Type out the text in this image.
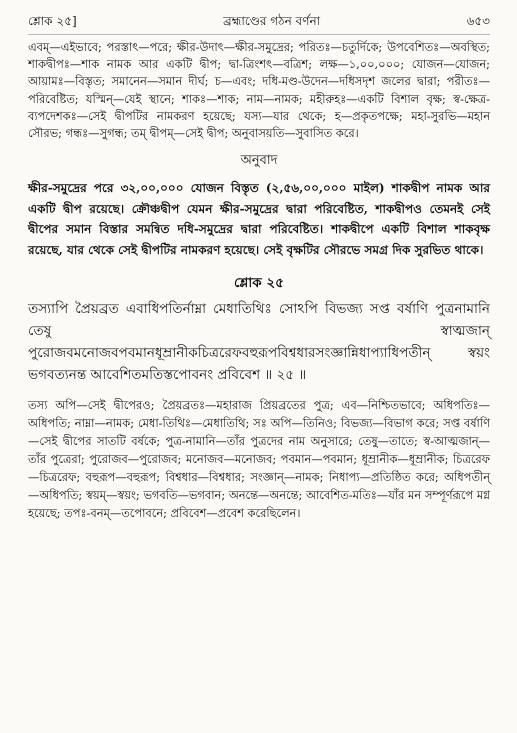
শ্লোক ২৫]	ব্রহ্মাণ্ডের গঠন বর্ণনা	৬৫৩

এবম্—এইভাবে; পরস্তাৎ—পরে; ক্ষীর-উদাৎ—ক্ষীর-সমুদ্রের; পরিতঃ—চতুর্দিকে; উপবেশিতঃ—অবস্থিত; শাকদ্বীপঃ—শাক নামক আর একটি দ্বীপ; দ্বা-ত্রিংশৎ—বত্রিশ; লক্ষ—১,০০,০০০; যোজন—যোজন; আয়ামঃ—বিস্তৃত; সমানেন—সমান দীর্ঘ; চ—এবং; দধি-মণ্ড-উদেন—দধিসদৃশ জলের দ্বারা; পরীতঃ—পরিবেষ্টিত; যস্মিন্—যেই স্থানে; শাকঃ—শাক; নাম—নামক; মহীরুহঃ—একটি বিশাল বৃক্ষ; স্ব-ক্ষেত্র-ব্যপদেশকঃ—সেই দ্বীপটির নামকরণ হয়েছে; যস্য—যার থেকে; হ—প্রকৃতপক্ষে; মহা-সুরভি—মহান সৌরভ; গন্ধঃ—সুগন্ধ; তম্ দ্বীপম্—সেই দ্বীপ; অনুবাসয়তি—সুবাসিত করে।

অনুবাদ

ক্ষীর-সমুদ্রের পরে ৩২,০০,০০০ যোজন বিস্তৃত (২,৫৬,০০,০০০ মাইল) শাকদ্বীপ নামক আর একটি দ্বীপ রয়েছে। ক্রৌঞ্চদ্বীপ যেমন ক্ষীর-সমুদ্রের দ্বারা পরিবেষ্টিত, শাকদ্বীপও তেমনই সেই দ্বীপের সমান বিস্তার সমন্বিত দধি-সমুদ্রের দ্বারা পরিবেষ্টিত। শাকদ্বীপে একটি বিশাল শাকবৃক্ষ রয়েছে, যার থেকে সেই দ্বীপটির নামকরণ হয়েছে। সেই বৃক্ষটির সৌরভে সমগ্র দিক সুরভিত থাকে।

শ্লোক ২৫

তস্যাপি প্রৈয়ব্রত এবাধিপতির্নাম্না মেধাতিথিঃ সোঽপি বিভজ্য সপ্ত বর্ষাণি পুত্রনামানি তেষু স্বাত্মজান্ পুরোজবমনোজবপবমানধূম্রানীকচিত্ররেফবহুরূপবিশ্বধারসংজ্ঞান্নিধাপ্যাধিপতীন্ স্বয়ং ভগবত্যনন্ত আবেশিতমতিস্তপোবনং প্রবিবেশ ॥ ২৫ ॥

তস্য অপি—সেই দ্বীপেরও; প্রৈয়ব্রতঃ—মহারাজ প্রিয়ব্রতের পুত্র; এব—নিশ্চিতভাবে; অধিপতিঃ—অধিপতি; নাম্না—নামক; মেধা-তিথিঃ—মেধাতিথি; সঃ অপি—তিনিও; বিভজ্য—বিভাগ করে; সপ্ত বর্ষাণি—সেই দ্বীপের সাতটি বর্ষকে; পুত্র-নামানি—তাঁর পুত্রদের নাম অনুসারে; তেষু—তাতে; স্ব-আত্মজান্—তাঁর পুত্রেরা; পুরোজব—পুরোজব; মনোজব—মনোজব; পবমান—পবমান; ধূম্রানীক—ধূম্রানীক; চিত্ররেফ—চিত্ররেফ; বহুরূপ—বহুরূপ; বিশ্বধার—বিশ্বধার; সংজ্ঞান্—নামক; নিধাপ্য—প্রতিষ্ঠিত করে; অধিপতীন্—অধিপতি; স্বয়ম্—স্বয়ং; ভগবতি—ভগবান; অনন্তে—অনন্তে; আবেশিত-মতিঃ—যাঁর মন সম্পূর্ণরূপে মগ্ন হয়েছে; তপঃ-বনম্—তপোবনে; প্রবিবেশ—প্রবেশ করেছিলেন।
